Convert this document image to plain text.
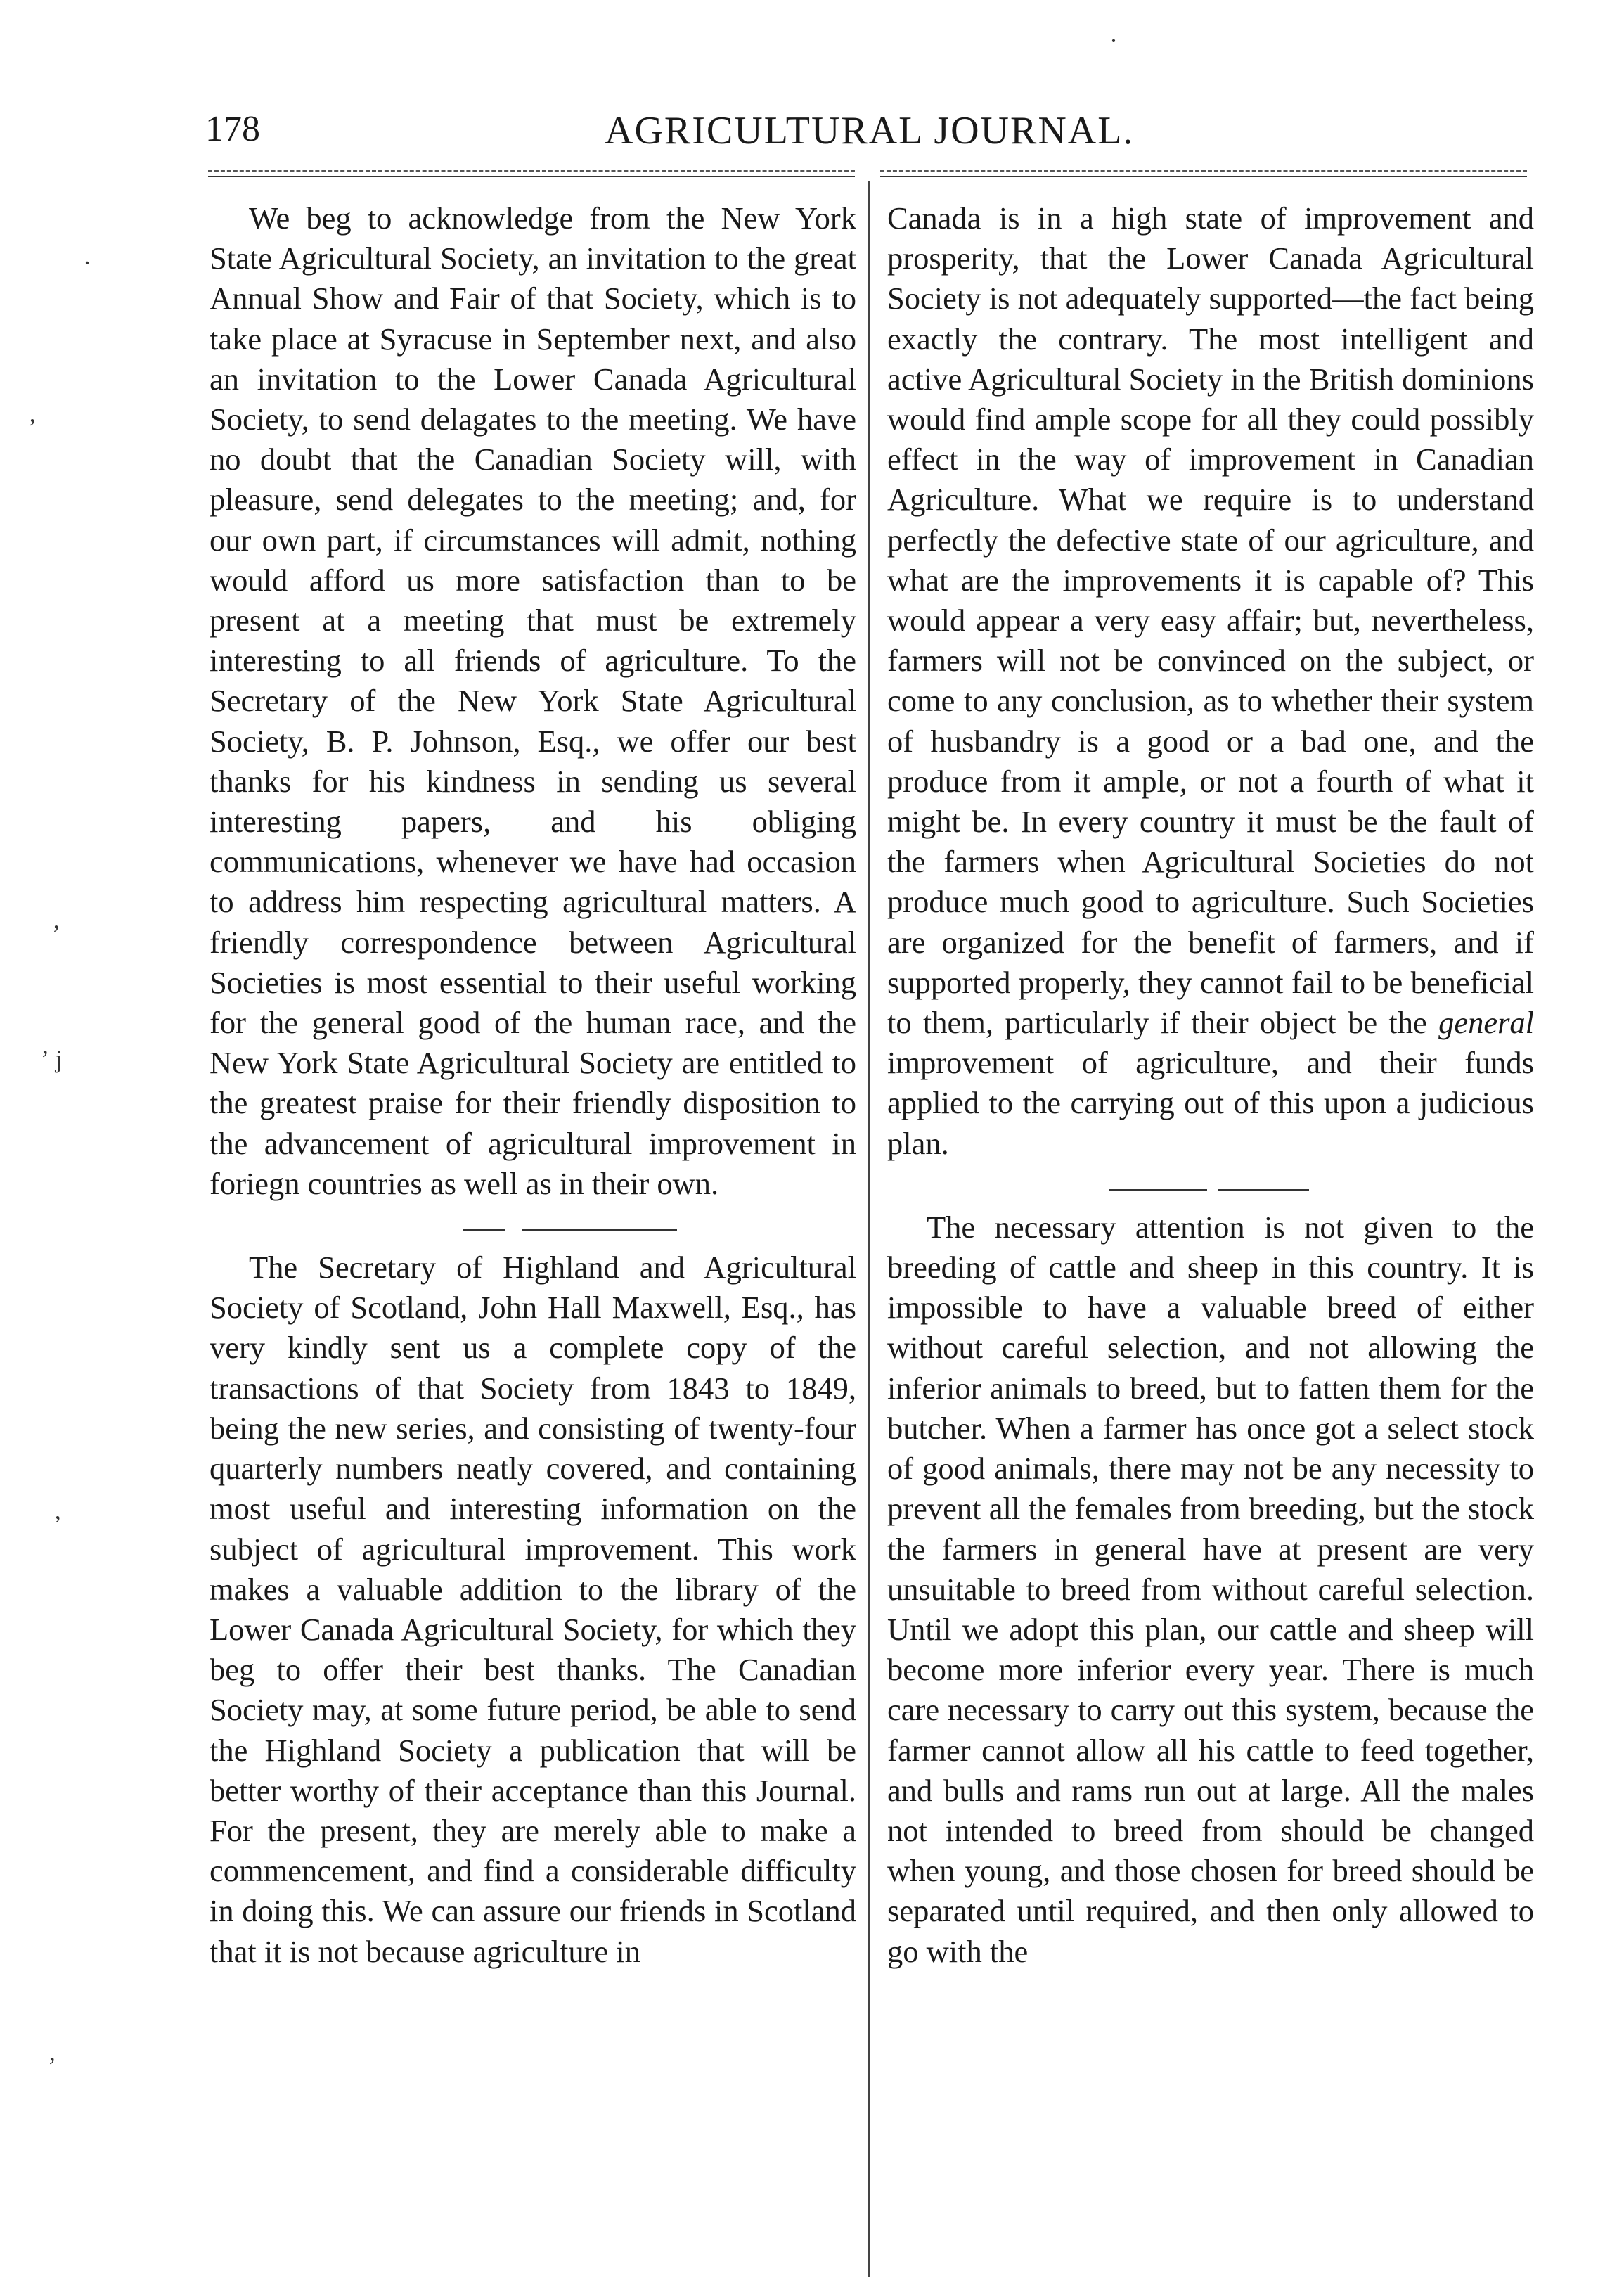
178	AGRICULTURAL JOURNAL.

We beg to acknowledge from the New York State Agricultural Society, an invitation to the great Annual Show and Fair of that Society, which is to take place at Syracuse in September next, and also an invitation to the Lower Canada Agricultural Society, to send delagates to the meeting. We have no doubt that the Canadian Society will, with pleasure, send delegates to the meeting; and, for our own part, if circumstances will admit, nothing would afford us more satisfaction than to be present at a meeting that must be extremely interesting to all friends of agriculture. To the Secretary of the New York State Agricultural Society, B. P. Johnson, Esq., we offer our best thanks for his kindness in sending us several interesting papers, and his obliging communications, whenever we have had occasion to address him respecting agricultural matters. A friendly correspondence between Agricultural Societies is most essential to their useful working for the general good of the human race, and the New York State Agricultural Society are entitled to the greatest praise for their friendly disposition to the advancement of agricultural improvement in foriegn countries as well as in their own.

The Secretary of Highland and Agricultural Society of Scotland, John Hall Maxwell, Esq., has very kindly sent us a complete copy of the transactions of that Society from 1843 to 1849, being the new series, and consisting of twenty-four quarterly numbers neatly covered, and containing most useful and interesting information on the subject of agricultural improvement. This work makes a valuable addition to the library of the Lower Canada Agricultural Society, for which they beg to offer their best thanks. The Canadian Society may, at some future period, be able to send the Highland Society a publication that will be better worthy of their acceptance than this Journal. For the present, they are merely able to make a commencement, and find a considerable difficulty in doing this. We can assure our friends in Scotland that it is not because agriculture in

Canada is in a high state of improvement and prosperity, that the Lower Canada Agricultural Society is not adequately supported—the fact being exactly the contrary. The most intelligent and active Agricultural Society in the British dominions would find ample scope for all they could possibly effect in the way of improvement in Canadian Agriculture. What we require is to understand perfectly the defective state of our agriculture, and what are the improvements it is capable of? This would appear a very easy affair; but, nevertheless, farmers will not be convinced on the subject, or come to any conclusion, as to whether their system of husbandry is a good or a bad one, and the produce from it ample, or not a fourth of what it might be. In every country it must be the fault of the farmers when Agricultural Societies do not produce much good to agriculture. Such Societies are organized for the benefit of farmers, and if supported properly, they cannot fail to be beneficial to them, particularly if their object be the general improvement of agriculture, and their funds applied to the carrying out of this upon a judicious plan.

The necessary attention is not given to the breeding of cattle and sheep in this country. It is impossible to have a valuable breed of either without careful selection, and not allowing the inferior animals to breed, but to fatten them for the butcher. When a farmer has once got a select stock of good animals, there may not be any necessity to prevent all the females from breeding, but the stock the farmers in general have at present are very unsuitable to breed from without careful selection. Until we adopt this plan, our cattle and sheep will become more inferior every year. There is much care necessary to carry out this system, because the farmer cannot allow all his cattle to feed together, and bulls and rams run out at large. All the males not intended to breed from should be changed when young, and those chosen for breed should be separated until required, and then only allowed to go with the

·
·
ʼ
ʼ
ʼ j
ʼ
ʼ
